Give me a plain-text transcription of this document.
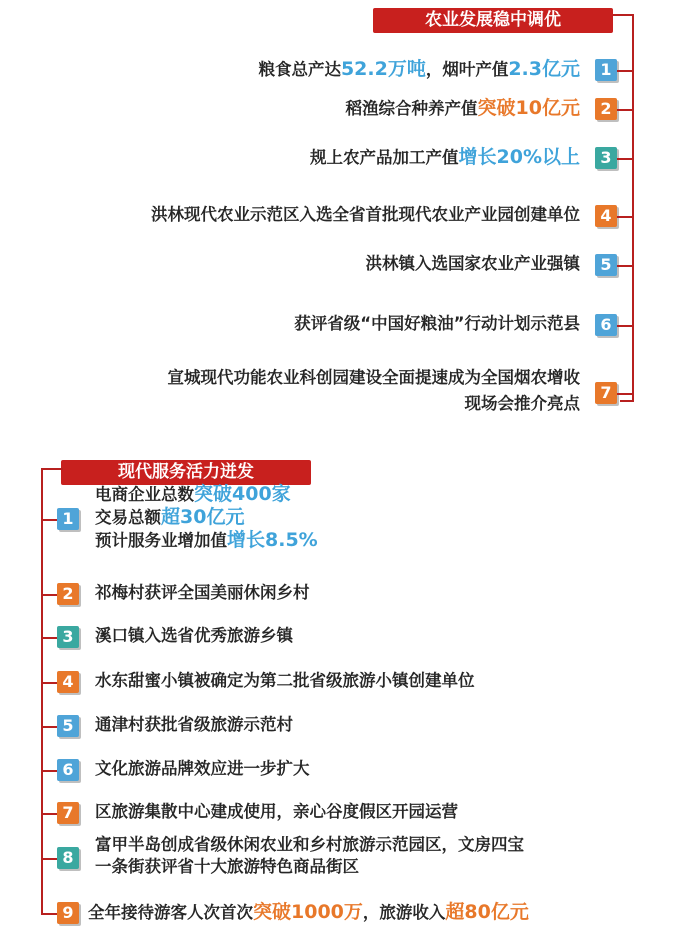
农业发展稳中调优
1
粮食总产达52.2万吨，烟叶产值2.3亿元
2
稻渔综合种养产值突破10亿元
3
规上农产品加工产值增长20%以上
4
洪林现代农业示范区入选全省首批现代农业产业园创建单位
5
洪林镇入选国家农业产业强镇
6
获评省级“中国好粮油”行动计划示范县
7
宣城现代功能农业科创园建设全面提速成为全国烟农增收
现场会推介亮点
现代服务活力迸发
1
电商企业总数突破400家
交易总额超30亿元
预计服务业增加值增长8.5%
2	祁梅村获评全国美丽休闲乡村
3	溪口镇入选省优秀旅游乡镇
4	水东甜蜜小镇被确定为第二批省级旅游小镇创建单位
5	通津村获批省级旅游示范村
6	文化旅游品牌效应进一步扩大
7	区旅游集散中心建成使用，亲心谷度假区开园运营
8
富甲半岛创成省级休闲农业和乡村旅游示范园区，文房四宝
一条街获评省十大旅游特色商品街区
9 全年接待游客人次首次突破1000万，旅游收入超80亿元
